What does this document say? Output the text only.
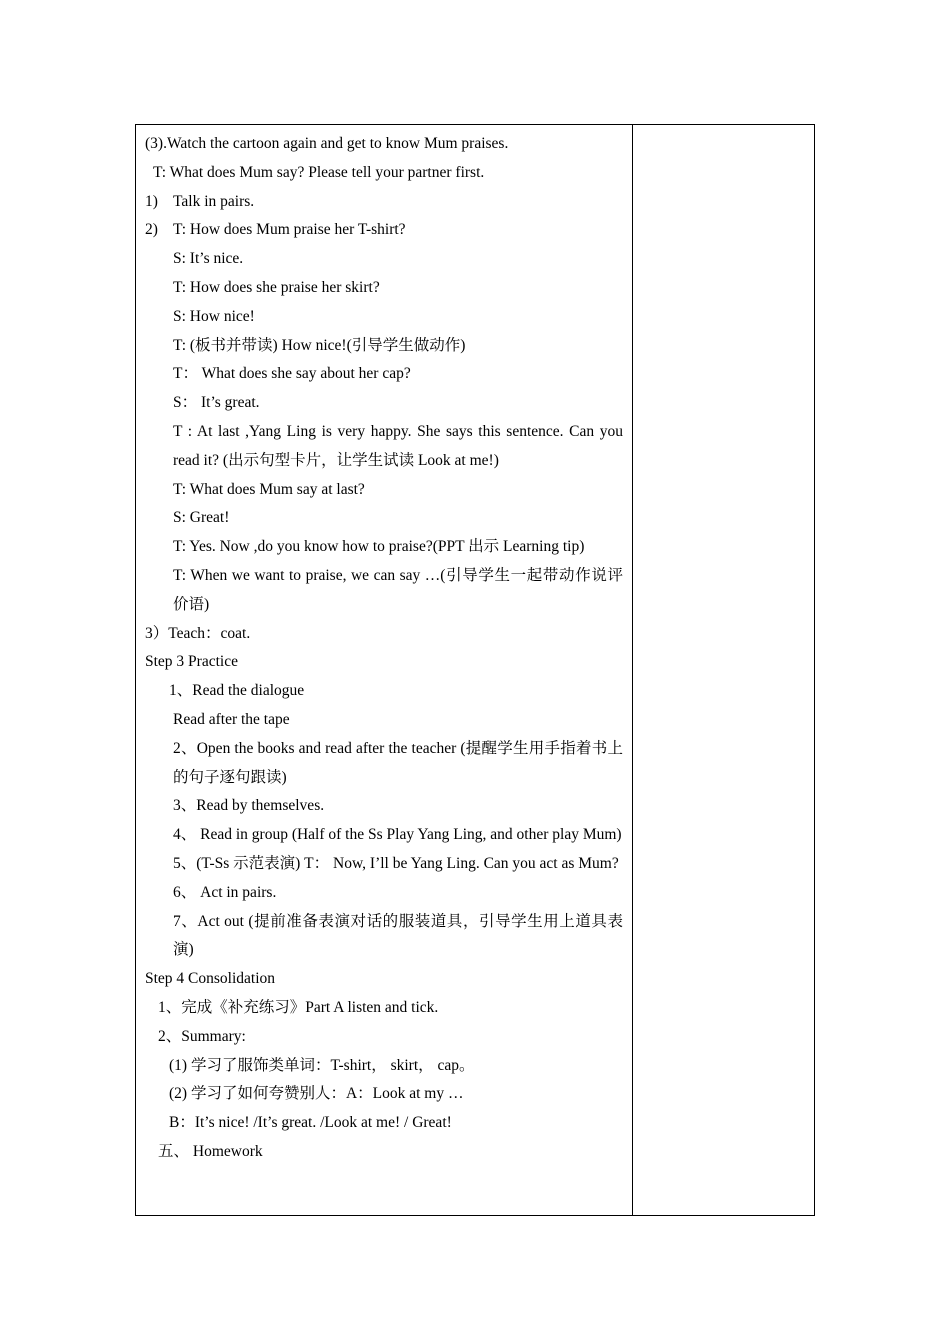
(3).Watch the cartoon again and get to know Mum praises.
T: What does Mum say? Please tell your partner first.
1) Talk in pairs.
2) T: How does Mum praise her T-shirt?
S: It’s nice.
T: How does she praise her skirt?
S: How nice!
T: (板书并带读) How nice!(引导学生做动作)
T： What does she say about her cap?
S： It’s great.
T : At last ,Yang Ling is very happy. She says this sentence. Can you read it? (出示句型卡片，让学生试读 Look at me!)
T: What does Mum say at last?
S: Great!
T: Yes. Now ,do you know how to praise?(PPT 出示 Learning tip)
T: When we want to praise, we can say …(引导学生一起带动作说评价语)
3）Teach：coat.
Step 3 Practice
1、Read the dialogue
Read after the tape
2、Open the books and read after the teacher (提醒学生用手指着书上的句子逐句跟读)
3、Read by themselves.
4、 Read in group (Half of the Ss Play Yang Ling, and other play Mum)
5、(T-Ss 示范表演) T： Now, I’ll be Yang Ling. Can you act as Mum?
6、 Act in pairs.
7、Act out (提前准备表演对话的服装道具，引导学生用上道具表演)
Step 4 Consolidation
1、完成《补充练习》Part A listen and tick.
2、Summary:
(1) 学习了服饰类单词：T-shirt， skirt， cap。
(2) 学习了如何夸赞别人：A：Look at my …
B：It’s nice! /It’s great. /Look at me! / Great!
五、 Homework
